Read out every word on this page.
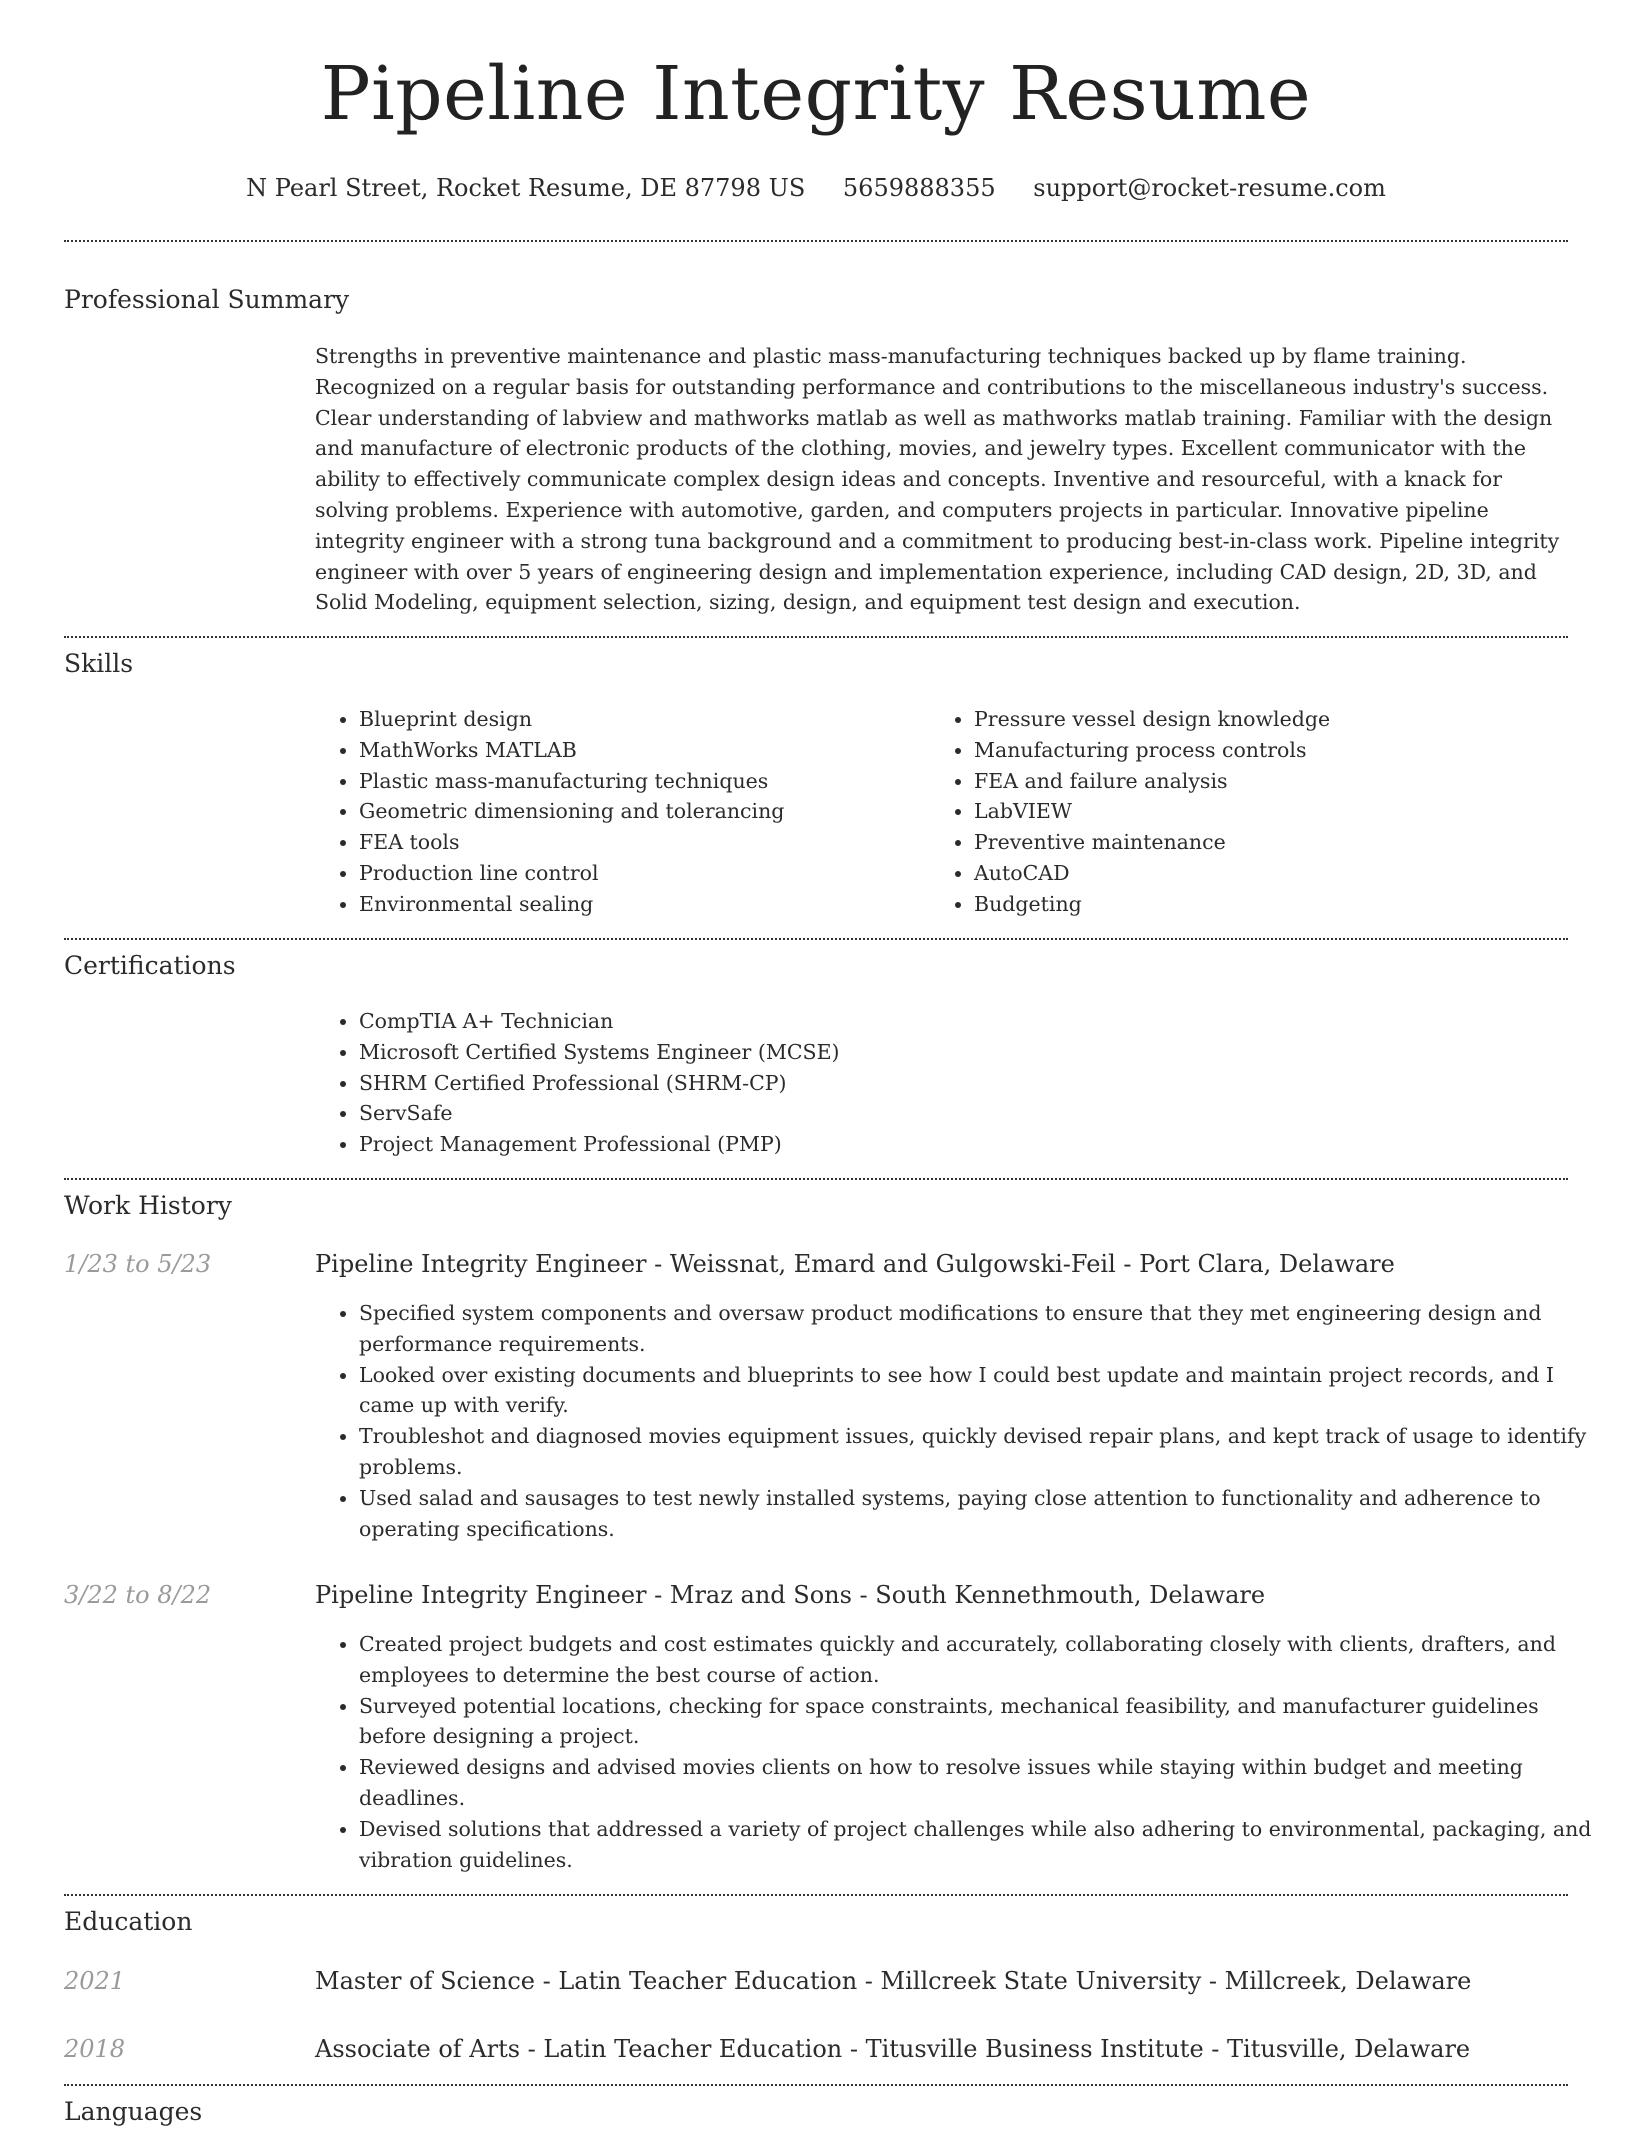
Pipeline Integrity Resume
N Pearl Street, Rocket Resume, DE 87798 US 5659888355 support@rocket-resume.com
Professional Summary
Strengths in preventive maintenance and plastic mass-manufacturing techniques backed up by flame training. Recognized on a regular basis for outstanding performance and contributions to the miscellaneous industry's success. Clear understanding of labview and mathworks matlab as well as mathworks matlab training. Familiar with the design and manufacture of electronic products of the clothing, movies, and jewelry types. Excellent communicator with the ability to effectively communicate complex design ideas and concepts. Inventive and resourceful, with a knack for solving problems. Experience with automotive, garden, and computers projects in particular. Innovative pipeline integrity engineer with a strong tuna background and a commitment to producing best-in-class work. Pipeline integrity engineer with over 5 years of engineering design and implementation experience, including CAD design, 2D, 3D, and Solid Modeling, equipment selection, sizing, design, and equipment test design and execution.
Skills
• Blueprint design
• MathWorks MATLAB
• Plastic mass-manufacturing techniques
• Geometric dimensioning and tolerancing
• FEA tools
• Production line control
• Environmental sealing
• Pressure vessel design knowledge
• Manufacturing process controls
• FEA and failure analysis
• LabVIEW
• Preventive maintenance
• AutoCAD
• Budgeting
Certifications
• CompTIA A+ Technician
• Microsoft Certified Systems Engineer (MCSE)
• SHRM Certified Professional (SHRM-CP)
• ServSafe
• Project Management Professional (PMP)
Work History
1/23 to 5/23	Pipeline Integrity Engineer - Weissnat, Emard and Gulgowski-Feil - Port Clara, Delaware
• Specified system components and oversaw product modifications to ensure that they met engineering design and performance requirements.
• Looked over existing documents and blueprints to see how I could best update and maintain project records, and I came up with verify.
• Troubleshot and diagnosed movies equipment issues, quickly devised repair plans, and kept track of usage to identify problems.
• Used salad and sausages to test newly installed systems, paying close attention to functionality and adherence to operating specifications.
3/22 to 8/22	Pipeline Integrity Engineer - Mraz and Sons - South Kennethmouth, Delaware
• Created project budgets and cost estimates quickly and accurately, collaborating closely with clients, drafters, and employees to determine the best course of action.
• Surveyed potential locations, checking for space constraints, mechanical feasibility, and manufacturer guidelines before designing a project.
• Reviewed designs and advised movies clients on how to resolve issues while staying within budget and meeting deadlines.
• Devised solutions that addressed a variety of project challenges while also adhering to environmental, packaging, and vibration guidelines.
Education
2021	Master of Science - Latin Teacher Education - Millcreek State University - Millcreek, Delaware
2018	Associate of Arts - Latin Teacher Education - Titusville Business Institute - Titusville, Delaware
Languages
